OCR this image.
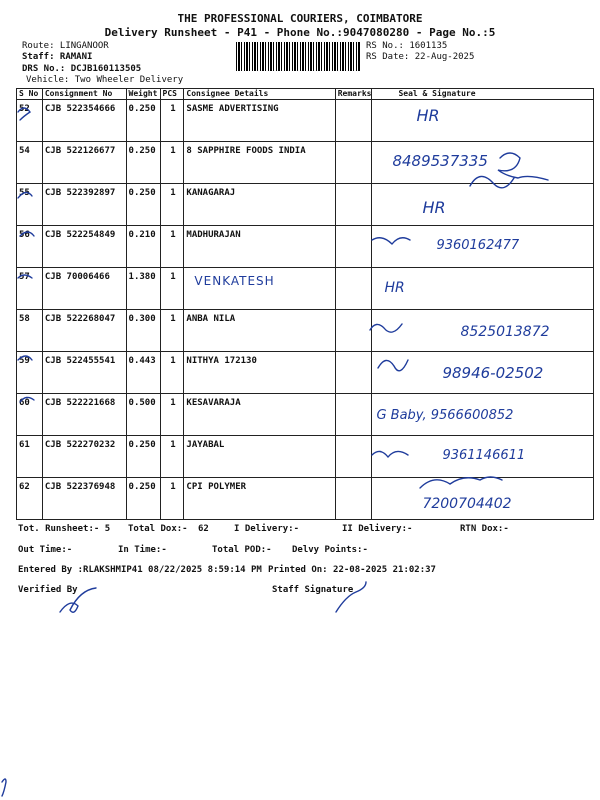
THE PROFESSIONAL COURIERS, COIMBATORE
Delivery Runsheet - P41 - Phone No.:9047080280 - Page No.:5
Route: LINGANOOR
Staff: RAMANI
DRS No.: DCJB160113505
Vehicle: Two Wheeler Delivery
RS No.: 1601135
RS Date: 22-Aug-2025
S No	Consignment No	Weight	PCS	Consignee Details	Remarks	Seal & Signature

52	CJB 522354666	0.250	1	SASME ADVERTISING		HR

54	CJB 522126677	0.250	1	8 SAPPHIRE FOODS INDIA		8489537335

55	CJB 522392897	0.250	1	KANAGARAJ		HR

56	CJB 522254849	0.210	1	MADHURAJAN		9360162477

57	CJB 70006466	1.380	1	VENKATESH		HR

58	CJB 522268047	0.300	1	ANBA NILA		8525013872

59	CJB 522455541	0.443	1	NITHYA 172130		98946-02502

60	CJB 522221668	0.500	1	KESAVARAJA		G Baby, 9566600852

61	CJB 522270232	0.250	1	JAYABAL		9361146611

62	CJB 522376948	0.250	1	CPI POLYMER		7200704402
Tot. Runsheet:- 5 Total Dox:- 62	I Delivery:-	II Delivery:-	RTN Dox:-
Out Time:-	In Time:-	Total POD:- Delvy Points:-
Entered By :RLAKSHMIP41 08/22/2025 8:59:14 PM Printed On: 22-08-2025 21:02:37
Verified By	Staff Signature
